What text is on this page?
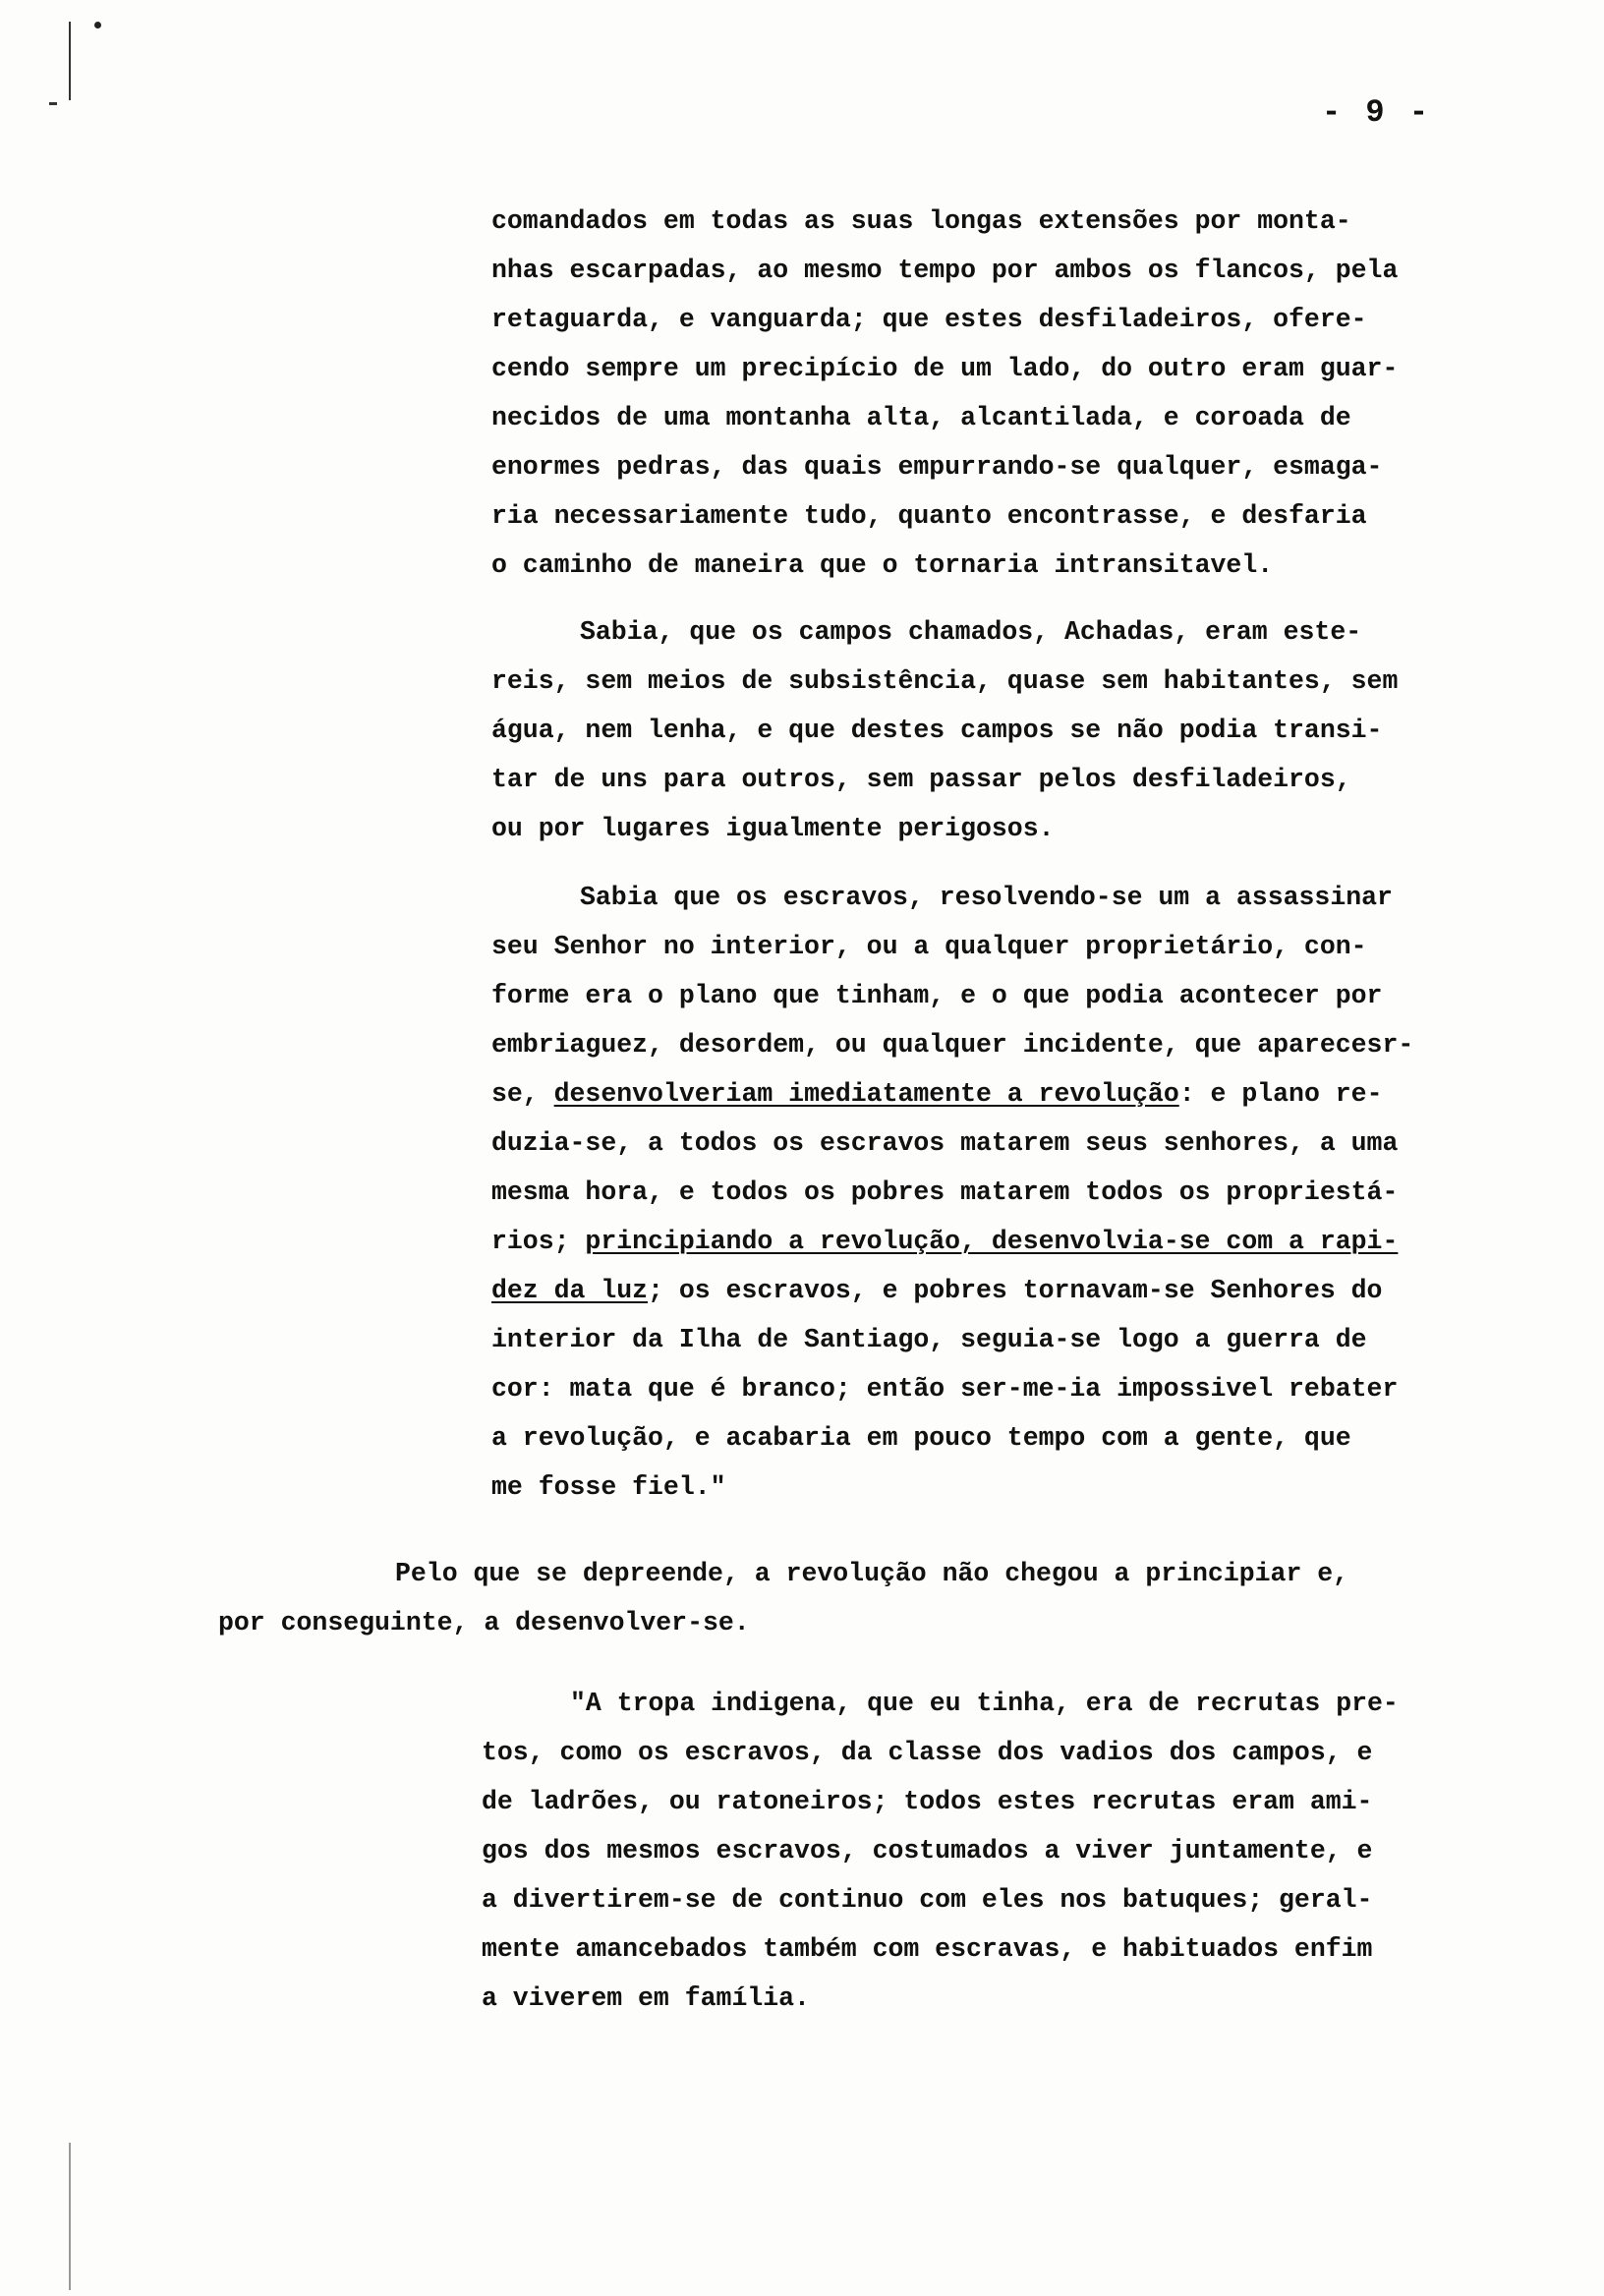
- 9 -

comandados em todas as suas longas extensões por monta-
nhas escarpadas, ao mesmo tempo por ambos os flancos, pela
retaguarda, e vanguarda; que estes desfiladeiros, ofere-
cendo sempre um precipício de um lado, do outro eram guar-
necidos de uma montanha alta, alcantilada, e coroada de
enormes pedras, das quais empurrando-se qualquer, esmaga-
ria necessariamente tudo, quanto encontrasse, e desfaria
o caminho de maneira que o tornaria intransitavel.

Sabia, que os campos chamados, Achadas, eram este-
reis, sem meios de subsistência, quase sem habitantes, sem
água, nem lenha, e que destes campos se não podia transi-
tar de uns para outros, sem passar pelos desfiladeiros,
ou por lugares igualmente perigosos.

Sabia que os escravos, resolvendo-se um a assassinar
seu Senhor no interior, ou a qualquer proprietário, con-
forme era o plano que tinham, e o que podia acontecer por
embriaguez, desordem, ou qualquer incidente, que aparecesr-
se, desenvolveriam imediatamente a revolução: e plano re-
duzia-se, a todos os escravos matarem seus senhores, a uma
mesma hora, e todos os pobres matarem todos os propriestá-
rios; principiando a revolução, desenvolvia-se com a rapi-
dez da luz; os escravos, e pobres tornavam-se Senhores do
interior da Ilha de Santiago, seguia-se logo a guerra de
cor: mata que é branco; então ser-me-ia impossivel rebater
a revolução, e acabaria em pouco tempo com a gente, que
me fosse fiel."

Pelo que se depreende, a revolução não chegou a principiar e,
por conseguinte, a desenvolver-se.

"A tropa indigena, que eu tinha, era de recrutas pre-
tos, como os escravos, da classe dos vadios dos campos, e
de ladrões, ou ratoneiros; todos estes recrutas eram ami-
gos dos mesmos escravos, costumados a viver juntamente, e
a divertirem-se de continuo com eles nos batuques; geral-
mente amancebados também com escravas, e habituados enfim
a viverem em família.
